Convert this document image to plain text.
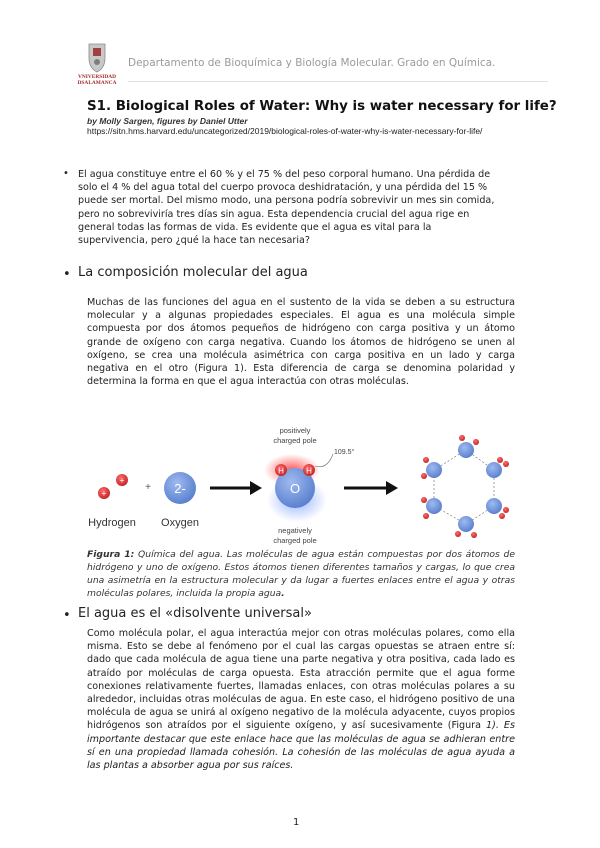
VNIVERSIDAD
DSALAMANCA
Departamento de Bioquímica y Biología Molecular. Grado en Química.
S1. Biological Roles of Water: Why is water necessary for life?
by Molly Sargen, figures by Daniel Utter
https://sitn.hms.harvard.edu/uncategorized/2019/biological-roles-of-water-why-is-water-necessary-for-life/
• El agua constituye entre el 60 % y el 75 % del peso corporal humano. Una pérdida de
solo el 4 % del agua total del cuerpo provoca deshidratación, y una pérdida del 15 %
puede ser mortal. Del mismo modo, una persona podría sobrevivir un mes sin comida,
pero no sobreviviría tres días sin agua. Esta dependencia crucial del agua rige en
general todas las formas de vida. Es evidente que el agua es vital para la
supervivencia, pero ¿qué la hace tan necesaria?
• La composición molecular del agua
Muchas de las funciones del agua en el sustento de la vida se deben a su estructura molecular y a algunas propiedades especiales. El agua es una molécula simple compuesta por dos átomos pequeños de hidrógeno con carga positiva y un átomo grande de oxígeno con carga negativa. Cuando los átomos de hidrógeno se unen al oxígeno, se crea una molécula asimétrica con carga positiva en un lado y carga negativa en el otro (Figura 1). Esta diferencia de carga se denomina polaridad y determina la forma en que el agua interactúa con otras moléculas.
+
+
Hydrogen
+ 2-
Oxygen
O
H	H
109.5°
positively
charged pole
negatively
charged pole
Figura 1: Química del agua. Las moléculas de agua están compuestas por dos átomos de hidrógeno y uno de oxígeno. Estos átomos tienen diferentes tamaños y cargas, lo que crea una asimetría en la estructura molecular y da lugar a fuertes enlaces entre el agua y otras moléculas polares, incluida la propia agua.
• El agua es el «disolvente universal»
Como molécula polar, el agua interactúa mejor con otras moléculas polares, como ella misma. Esto se debe al fenómeno por el cual las cargas opuestas se atraen entre sí: dado que cada molécula de agua tiene una parte negativa y otra positiva, cada lado es atraído por moléculas de carga opuesta. Esta atracción permite que el agua forme conexiones relativamente fuertes, llamadas enlaces, con otras moléculas polares a su alrededor, incluidas otras moléculas de agua. En este caso, el hidrógeno positivo de una molécula de agua se unirá al oxígeno negativo de la molécula adyacente, cuyos propios hidrógenos son atraídos por el siguiente oxígeno, y así sucesivamente (Figura 1). Es importante destacar que este enlace hace que las moléculas de agua se adhieran entre sí en una propiedad llamada cohesión. La cohesión de las moléculas de agua ayuda a las plantas a absorber agua por sus raíces.
1
